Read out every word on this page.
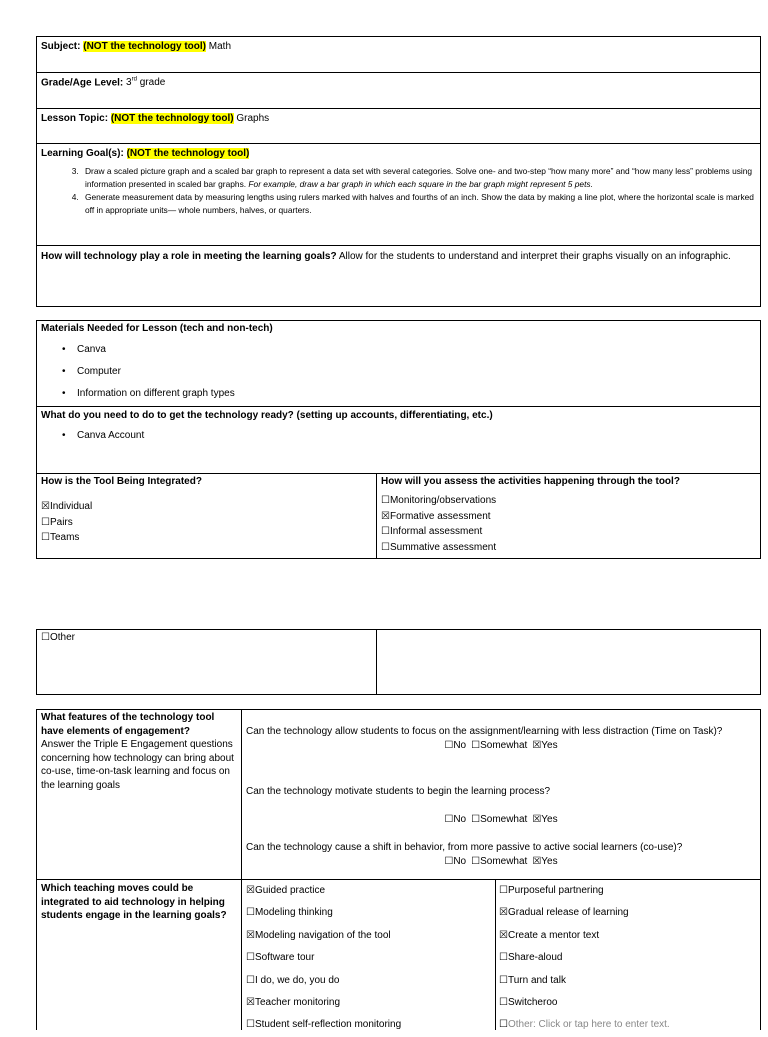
Subject: (NOT the technology tool) Math
Grade/Age Level: 3rd grade
Lesson Topic: (NOT the technology tool) Graphs
Learning Goal(s): (NOT the technology tool)
3. Draw a scaled picture graph and a scaled bar graph to represent a data set with several categories. Solve one- and two-step “how many more” and “how many less” problems using information presented in scaled bar graphs. For example, draw a bar graph in which each square in the bar graph might represent 5 pets.
4. Generate measurement data by measuring lengths using rulers marked with halves and fourths of an inch. Show the data by making a line plot, where the horizontal scale is marked off in appropriate units— whole numbers, halves, or quarters.
How will technology play a role in meeting the learning goals? Allow for the students to understand and interpret their graphs visually on an infographic.
Materials Needed for Lesson (tech and non-tech)
• Canva
• Computer
• Information on different graph types
What do you need to do to get the technology ready? (setting up accounts, differentiating, etc.)
• Canva Account
How is the Tool Being Integrated?
☒Individual
☐Pairs
☐Teams
How will you assess the activities happening through the tool?
☐Monitoring/observations
☒Formative assessment
☐Informal assessment
☐Summative assessment
☐Other
What features of the technology tool have elements of engagement?
Answer the Triple E Engagement questions concerning how technology can bring about co-use, time-on-task learning and focus on the learning goals
Can the technology allow students to focus on the assignment/learning with less distraction (Time on Task)?
☐No ☐Somewhat ☒Yes
Can the technology motivate students to begin the learning process?
☐No ☐Somewhat ☒Yes
Can the technology cause a shift in behavior, from more passive to active social learners (co-use)?
☐No ☐Somewhat ☒Yes
Which teaching moves could be integrated to aid technology in helping students engage in the learning goals?
☒Guided practice	☐Purposeful partnering
☐Modeling thinking	☒Gradual release of learning
☒Modeling navigation of the tool	☒Create a mentor text
☐Software tour	☐Share-aloud
☐I do, we do, you do	☐Turn and talk
☒Teacher monitoring	☐Switcheroo
☐Student self-reflection monitoring	☐Other: Click or tap here to enter text.
